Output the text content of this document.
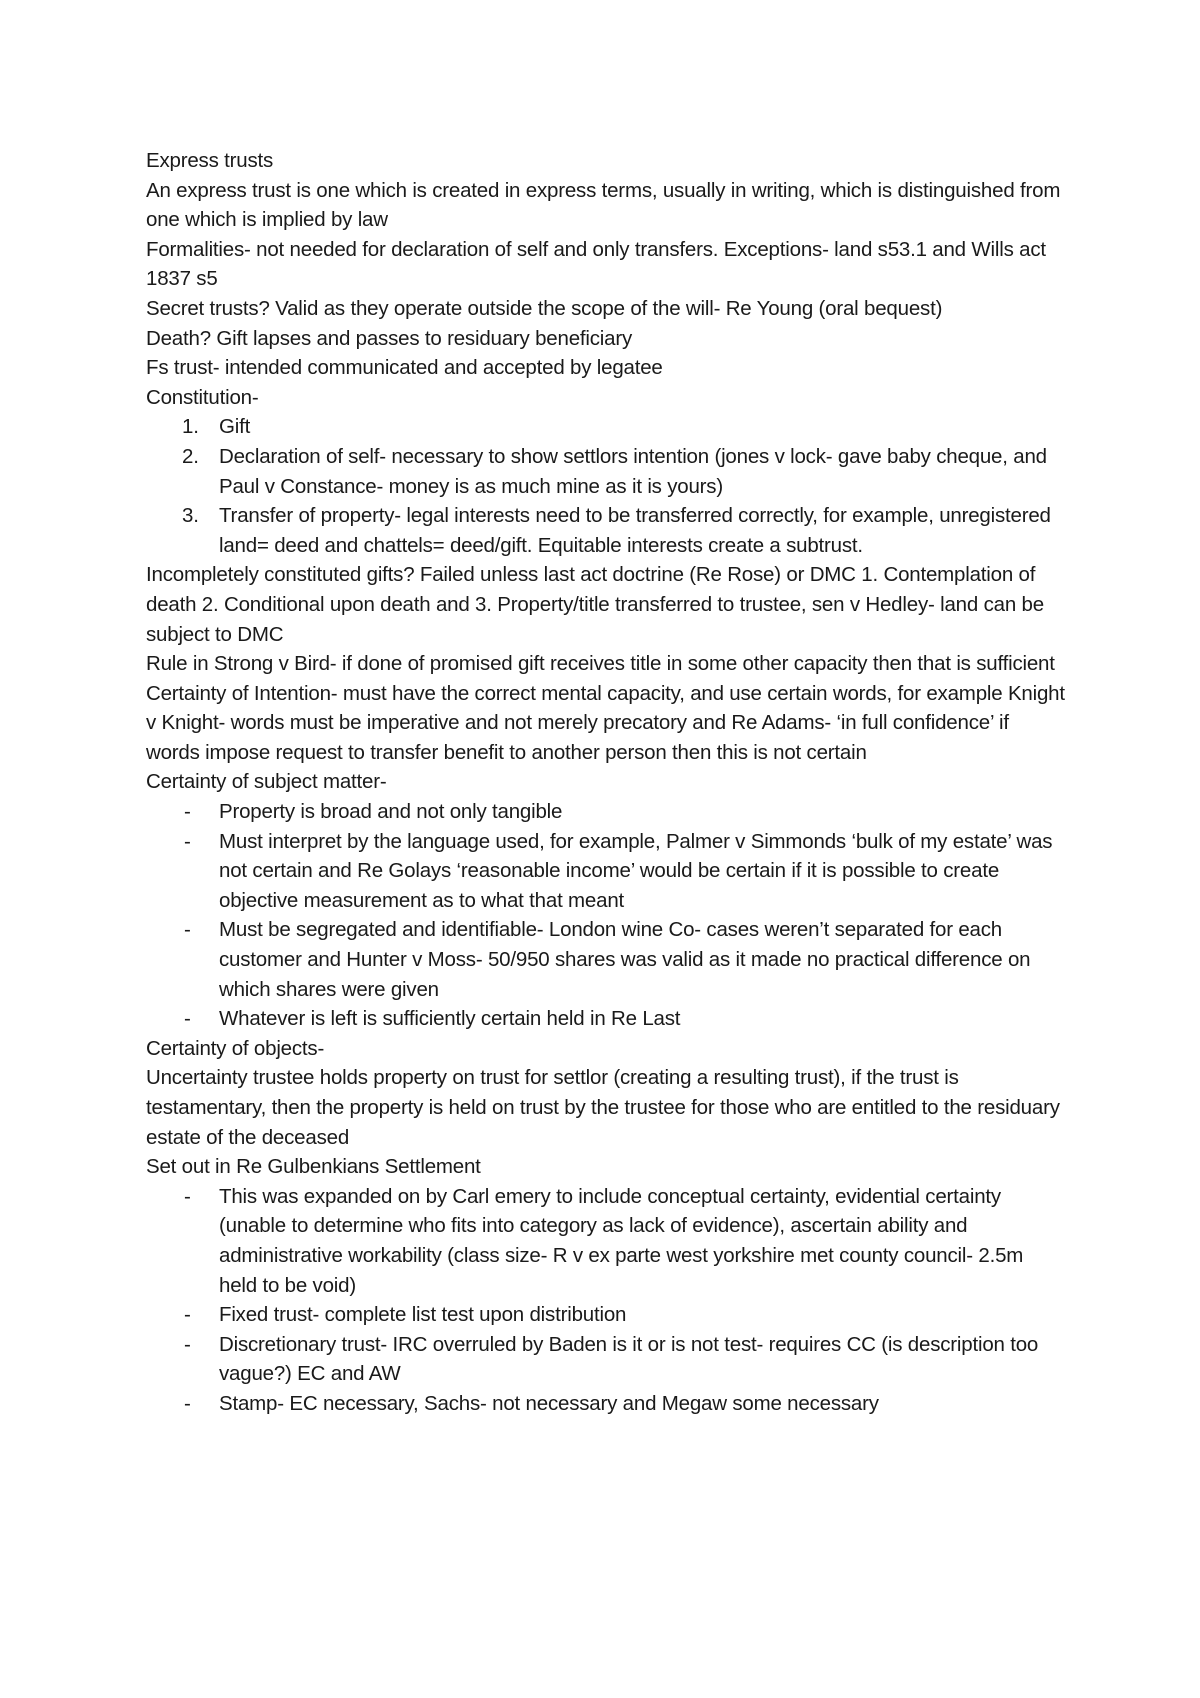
Express trusts

An express trust is one which is created in express terms, usually in writing, which is distinguished from one which is implied by law

Formalities- not needed for declaration of self and only transfers. Exceptions- land s53.1 and Wills act 1837 s5

Secret trusts? Valid as they operate outside the scope of the will- Re Young (oral bequest)

Death? Gift lapses and passes to residuary beneficiary

Fs trust- intended communicated and accepted by legatee

Constitution-

1. Gift
2. Declaration of self- necessary to show settlors intention (jones v lock- gave baby cheque, and Paul v Constance- money is as much mine as it is yours)
3. Transfer of property- legal interests need to be transferred correctly, for example, unregistered land= deed and chattels= deed/gift. Equitable interests create a subtrust.

Incompletely constituted gifts? Failed unless last act doctrine (Re Rose) or DMC 1. Contemplation of death 2. Conditional upon death and 3. Property/title transferred to trustee, sen v Hedley- land can be subject to DMC

Rule in Strong v Bird- if done of promised gift receives title in some other capacity then that is sufficient

Certainty of Intention- must have the correct mental capacity, and use certain words, for example Knight v Knight- words must be imperative and not merely precatory and Re Adams- ‘in full confidence’ if words impose request to transfer benefit to another person then this is not certain

Certainty of subject matter-

- Property is broad and not only tangible
- Must interpret by the language used, for example, Palmer v Simmonds ‘bulk of my estate’ was not certain and Re Golays ‘reasonable income’ would be certain if it is possible to create objective measurement as to what that meant
- Must be segregated and identifiable- London wine Co- cases weren’t separated for each customer and Hunter v Moss- 50/950 shares was valid as it made no practical difference on which shares were given
- Whatever is left is sufficiently certain held in Re Last

Certainty of objects-

Uncertainty trustee holds property on trust for settlor (creating a resulting trust), if the trust is testamentary, then the property is held on trust by the trustee for those who are entitled to the residuary estate of the deceased

Set out in Re Gulbenkians Settlement

- This was expanded on by Carl emery to include conceptual certainty, evidential certainty (unable to determine who fits into category as lack of evidence), ascertain ability and administrative workability (class size- R v ex parte west yorkshire met county council- 2.5m held to be void)
- Fixed trust- complete list test upon distribution
- Discretionary trust- IRC overruled by Baden is it or is not test- requires CC (is description too vague?) EC and AW
- Stamp- EC necessary, Sachs- not necessary and Megaw some necessary
